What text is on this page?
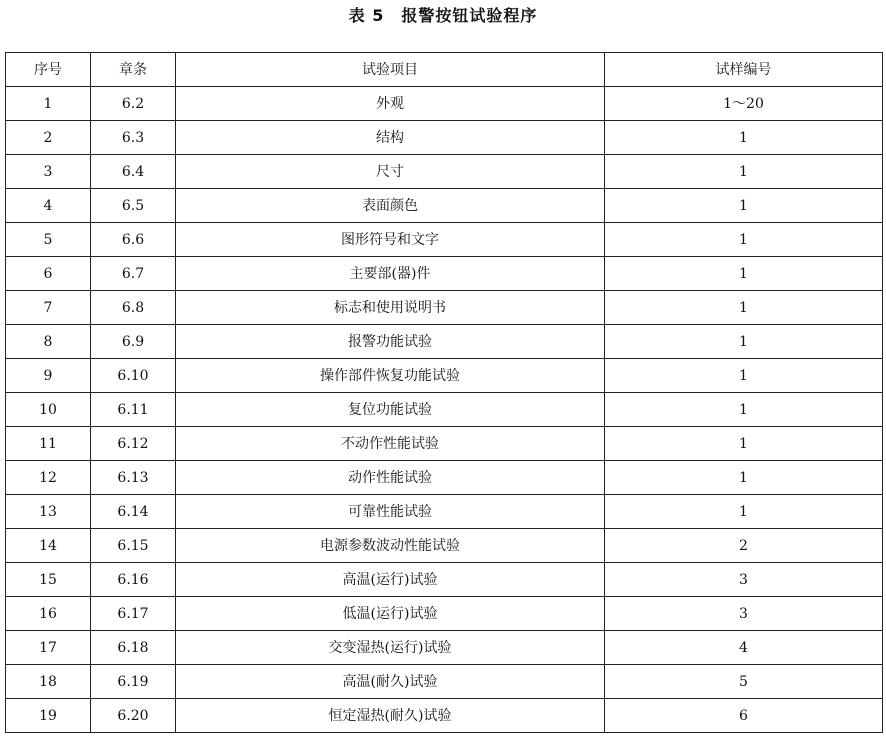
表 5　报警按钮试验程序
序号	章条	试验项目	试样编号
1	6.2	外观	1～20
2	6.3	结构	1
3	6.4	尺寸	1
4	6.5	表面颜色	1
5	6.6	图形符号和文字	1
6	6.7	主要部(器)件	1
7	6.8	标志和使用说明书	1
8	6.9	报警功能试验	1
9	6.10	操作部件恢复功能试验	1
10	6.11	复位功能试验	1
11	6.12	不动作性能试验	1
12	6.13	动作性能试验	1
13	6.14	可靠性能试验	1
14	6.15	电源参数波动性能试验	2
15	6.16	高温(运行)试验	3
16	6.17	低温(运行)试验	3
17	6.18	交变湿热(运行)试验	4
18	6.19	高温(耐久)试验	5
19	6.20	恒定湿热(耐久)试验	6
